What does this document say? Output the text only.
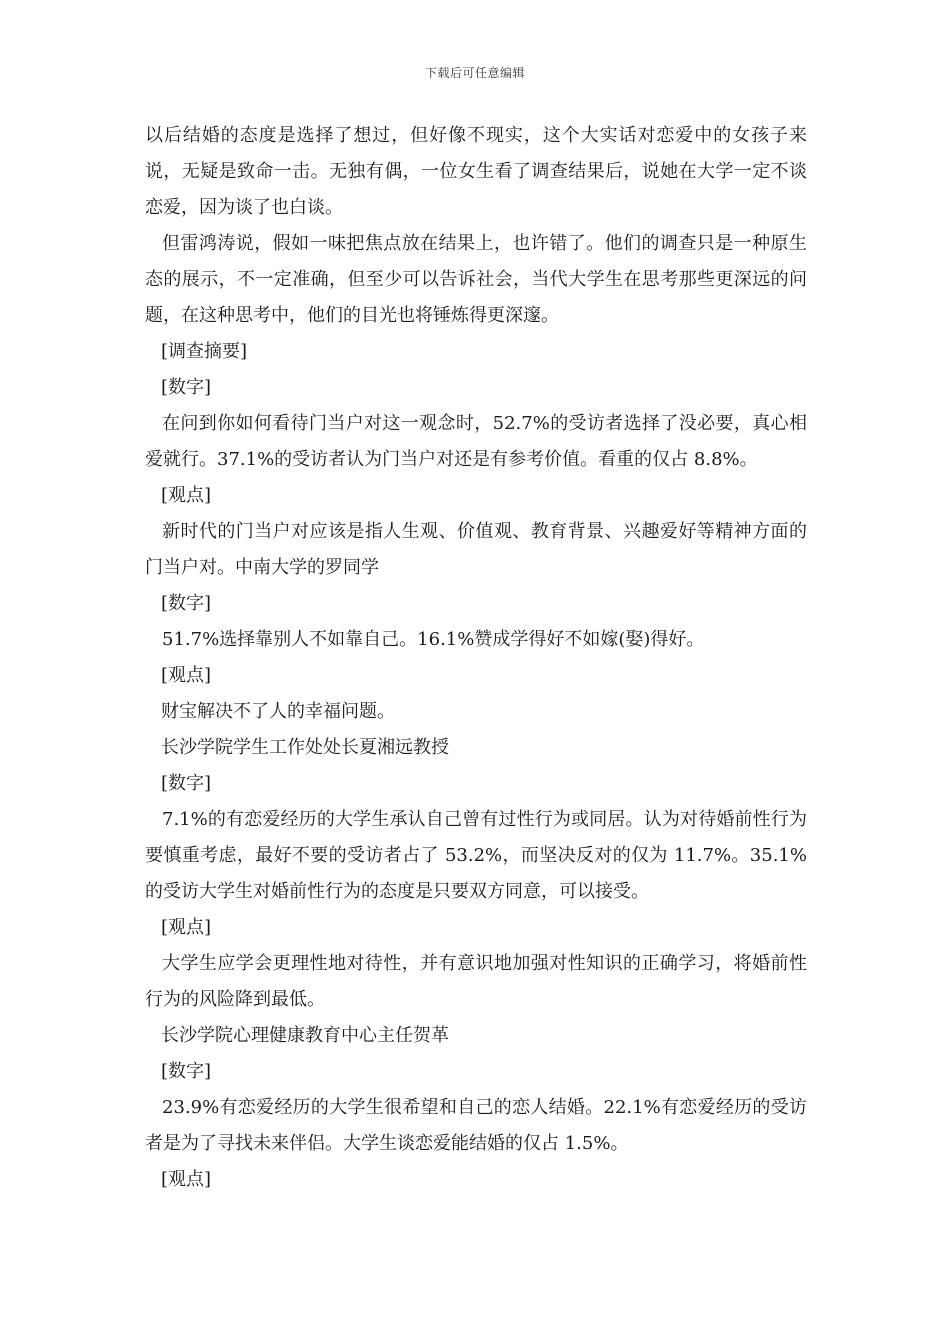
下载后可任意编辑

以后结婚的态度是选择了想过，但好像不现实，这个大实话对恋爱中的女孩子来说，无疑是致命一击。无独有偶，一位女生看了调查结果后，说她在大学一定不谈恋爱，因为谈了也白谈。

但雷鸿涛说，假如一味把焦点放在结果上，也许错了。他们的调查只是一种原生态的展示，不一定准确，但至少可以告诉社会，当代大学生在思考那些更深远的问题，在这种思考中，他们的目光也将锤炼得更深邃。

[调查摘要]

[数字]

在问到你如何看待门当户对这一观念时，52.7%的受访者选择了没必要，真心相爱就行。37.1%的受访者认为门当户对还是有参考价值。看重的仅占 8.8%。

[观点]

新时代的门当户对应该是指人生观、价值观、教育背景、兴趣爱好等精神方面的门当户对。中南大学的罗同学

[数字]

51.7%选择靠别人不如靠自己。16.1%赞成学得好不如嫁(娶)得好。

[观点]

财宝解决不了人的幸福问题。

长沙学院学生工作处处长夏湘远教授

[数字]

7.1%的有恋爱经历的大学生承认自己曾有过性行为或同居。认为对待婚前性行为要慎重考虑，最好不要的受访者占了 53.2%，而坚决反对的仅为 11.7%。35.1%的受访大学生对婚前性行为的态度是只要双方同意，可以接受。

[观点]

大学生应学会更理性地对待性，并有意识地加强对性知识的正确学习，将婚前性行为的风险降到最低。

长沙学院心理健康教育中心主任贺革

[数字]

23.9%有恋爱经历的大学生很希望和自己的恋人结婚。22.1%有恋爱经历的受访者是为了寻找未来伴侣。大学生谈恋爱能结婚的仅占 1.5%。

[观点]
